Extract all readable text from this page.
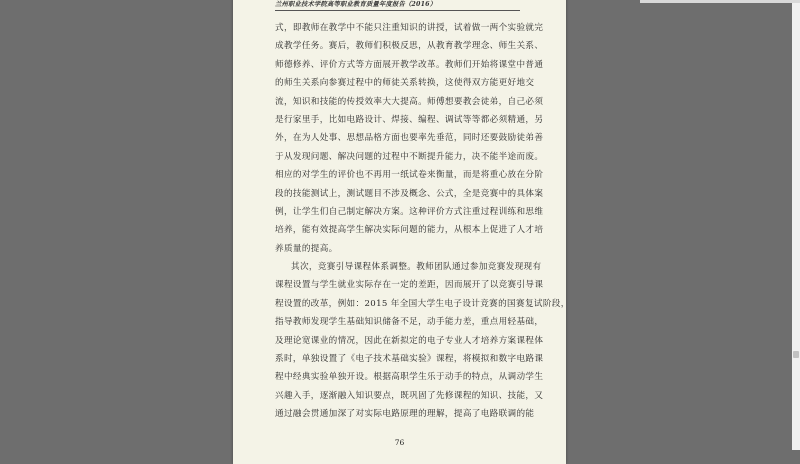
兰州职业技术学院高等职业教育质量年度报告（2016）
式，即教师在教学中不能只注重知识的讲授，试着做一两个实验就完
成教学任务。赛后，教师们积极反思，从教育教学理念、师生关系、
师德修养、评价方式等方面展开教学改革。教师们开始将课堂中普通
的师生关系向参赛过程中的师徒关系转换，这使得双方能更好地交
流，知识和技能的传授效率大大提高。师傅想要教会徒弟，自己必须
是行家里手，比如电路设计、焊接、编程、调试等等都必须精通，另
外，在为人处事、思想品格方面也要率先垂范，同时还要鼓励徒弟善
于从发现问题、解决问题的过程中不断提升能力，决不能半途而废。
相应的对学生的评价也不再用一纸试卷来衡量，而是将重心放在分阶
段的技能测试上，测试题目不涉及概念、公式，全是竞赛中的具体案
例，让学生们自己制定解决方案。这种评价方式注重过程训练和思维
培养，能有效提高学生解决实际问题的能力，从根本上促进了人才培
养质量的提高。
其次，竞赛引导课程体系调整。教师团队通过参加竞赛发现现有
课程设置与学生就业实际存在一定的差距，因而展开了以竞赛引导课
程设置的改革，例如：2015 年全国大学生电子设计竞赛的国赛复试阶段，
指导教师发现学生基础知识储备不足，动手能力差，重点用轻基础，
及理论宽课业的情况，因此在新拟定的电子专业人才培养方案课程体
系时，单独设置了《电子技术基础实验》课程，将模拟和数字电路课
程中经典实验单独开设。根据高职学生乐于动手的特点，从调动学生
兴趣入手，逐渐融入知识要点，既巩固了先修课程的知识、技能，又
通过融会贯通加深了对实际电路原理的理解，提高了电路联调的能
76
